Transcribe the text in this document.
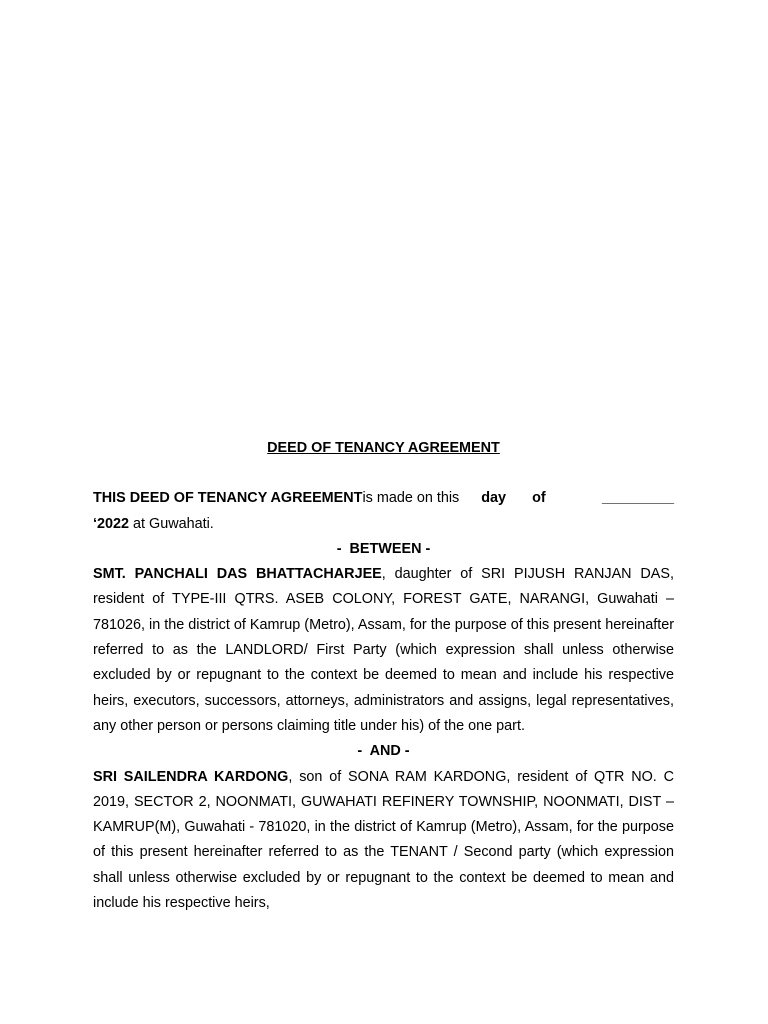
DEED OF TENANCY AGREEMENT

THIS DEED OF TENANCY AGREEMENT is made on this day of	_________

‘2022 at Guwahati.

-  BETWEEN -

SMT. PANCHALI DAS BHATTACHARJEE, daughter of SRI PIJUSH RANJAN DAS, resident of TYPE-III QTRS. ASEB COLONY, FOREST GATE, NARANGI, Guwahati – 781026, in the district of Kamrup (Metro), Assam, for the purpose of this present hereinafter referred to as the LANDLORD/ First Party (which expression shall unless otherwise excluded by or repugnant to the context be deemed to mean and include his respective heirs, executors, successors, attorneys, administrators and assigns, legal representatives, any other person or persons claiming title under his) of the one part.

-  AND -

SRI SAILENDRA KARDONG, son of SONA RAM KARDONG, resident of QTR NO. C 2019, SECTOR 2, NOONMATI, GUWAHATI REFINERY TOWNSHIP, NOONMATI, DIST – KAMRUP(M), Guwahati - 781020, in the district of Kamrup (Metro), Assam, for the purpose of this present hereinafter referred to as the TENANT / Second party (which expression shall unless otherwise excluded by or repugnant to the context be deemed to mean and include his respective heirs,
